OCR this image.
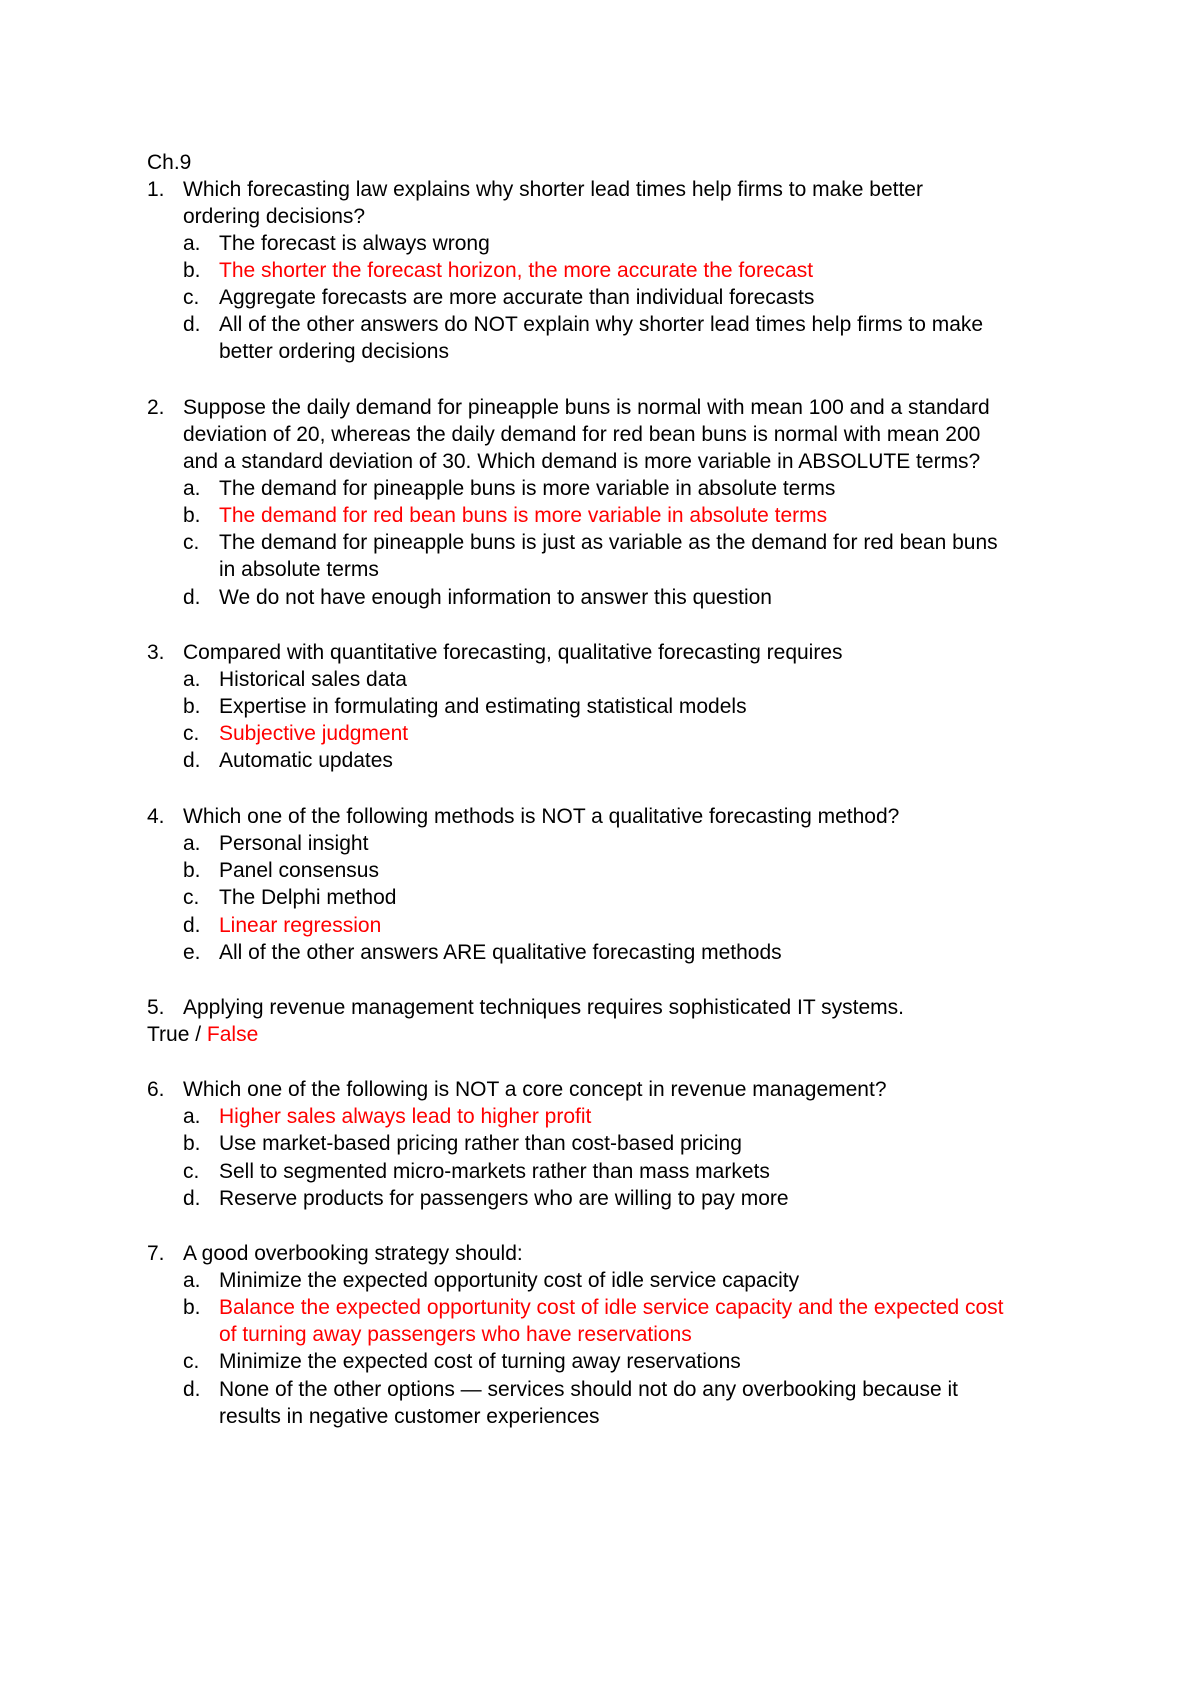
Ch.9
1. Which forecasting law explains why shorter lead times help firms to make better
ordering decisions?
a. The forecast is always wrong
b. The shorter the forecast horizon, the more accurate the forecast
c. Aggregate forecasts are more accurate than individual forecasts
d. All of the other answers do NOT explain why shorter lead times help firms to make
better ordering decisions
2. Suppose the daily demand for pineapple buns is normal with mean 100 and a standard
deviation of 20, whereas the daily demand for red bean buns is normal with mean 200
and a standard deviation of 30. Which demand is more variable in ABSOLUTE terms?
a. The demand for pineapple buns is more variable in absolute terms
b. The demand for red bean buns is more variable in absolute terms
c. The demand for pineapple buns is just as variable as the demand for red bean buns
in absolute terms
d. We do not have enough information to answer this question
3. Compared with quantitative forecasting, qualitative forecasting requires
a. Historical sales data
b. Expertise in formulating and estimating statistical models
c. Subjective judgment
d. Automatic updates
4. Which one of the following methods is NOT a qualitative forecasting method?
a. Personal insight
b. Panel consensus
c. The Delphi method
d. Linear regression
e. All of the other answers ARE qualitative forecasting methods
5. Applying revenue management techniques requires sophisticated IT systems.
True / False
6. Which one of the following is NOT a core concept in revenue management?
a. Higher sales always lead to higher profit
b. Use market-based pricing rather than cost-based pricing
c. Sell to segmented micro-markets rather than mass markets
d. Reserve products for passengers who are willing to pay more
7. A good overbooking strategy should:
a. Minimize the expected opportunity cost of idle service capacity
b. Balance the expected opportunity cost of idle service capacity and the expected cost
of turning away passengers who have reservations
c. Minimize the expected cost of turning away reservations
d. None of the other options — services should not do any overbooking because it
results in negative customer experiences
